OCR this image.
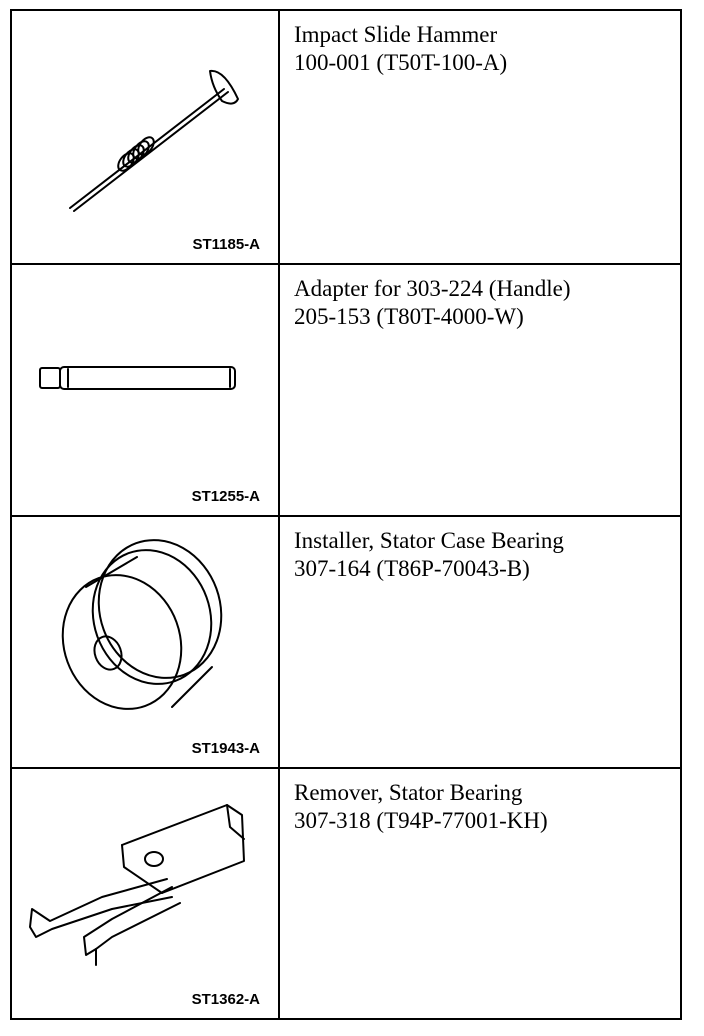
ST1185-A
Impact Slide Hammer
100-001 (T50T-100-A)
ST1255-A
Adapter for 303-224 (Handle)
205-153 (T80T-4000-W)
ST1943-A
Installer, Stator Case Bearing
307-164 (T86P-70043-B)
ST1362-A
Remover, Stator Bearing
307-318 (T94P-77001-KH)
